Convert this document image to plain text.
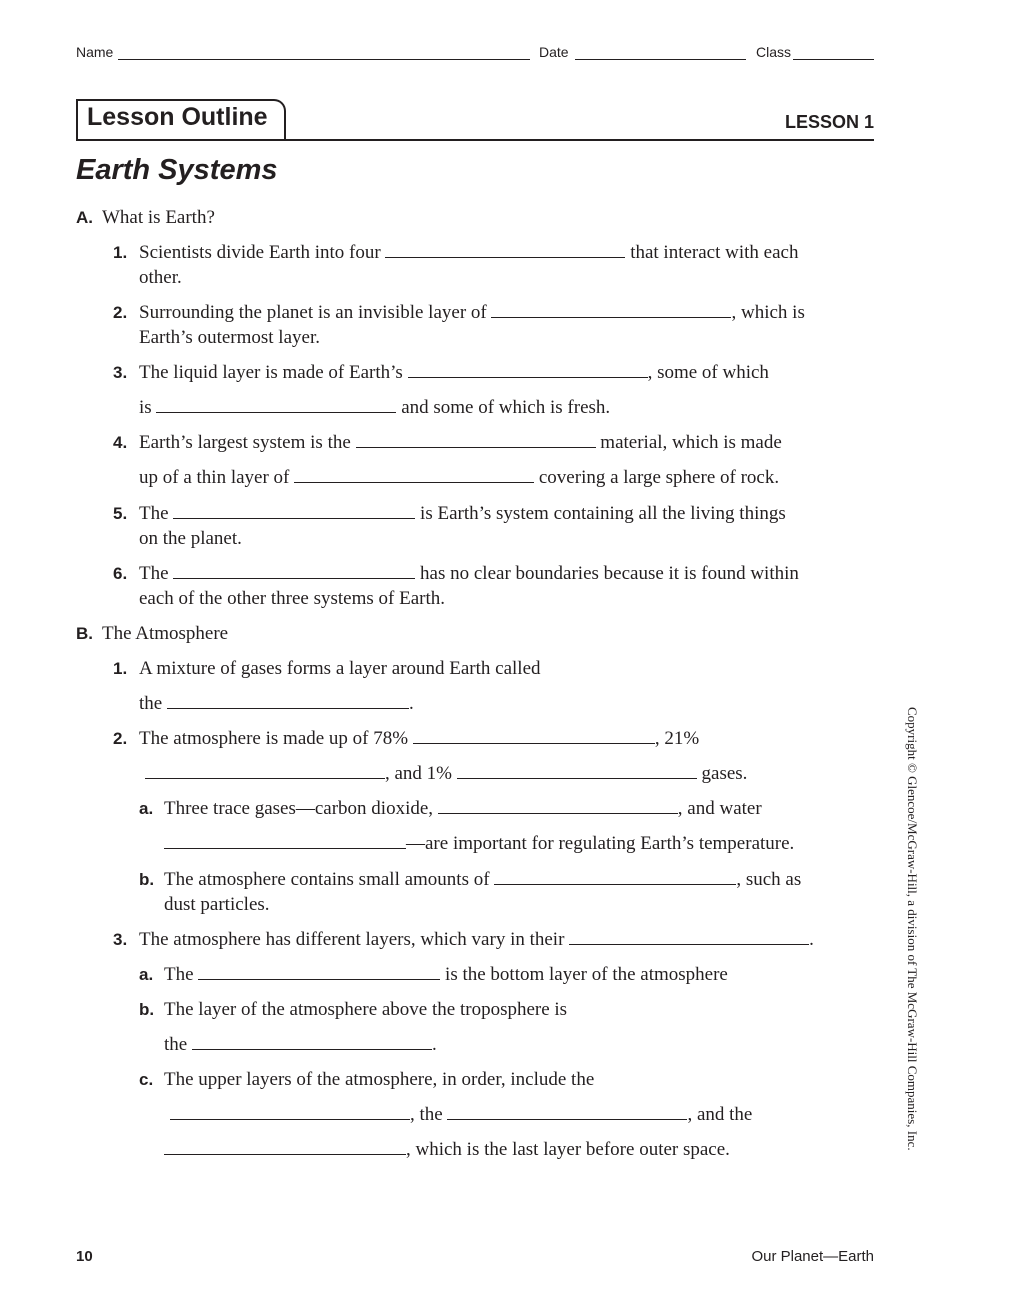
Name	Date	Class
Lesson Outline	LESSON 1
Earth Systems
A. What is Earth?
1. Scientists divide Earth into four	that interact with each
other.
2. Surrounding the planet is an invisible layer of	, which is
Earth’s outermost layer.
3. The liquid layer is made of Earth’s	, some of which
is	and some of which is fresh.
4. Earth’s largest system is the	material, which is made
up of a thin layer of	covering a large sphere of rock.
5. The	is Earth’s system containing all the living things
on the planet.
6. The	has no clear boundaries because it is found within
each of the other three systems of Earth.
B. The Atmosphere
1. A mixture of gases forms a layer around Earth called
the	.
2. The atmosphere is made up of 78%	, 21%
, and 1%	gases.
a. Three trace gases—carbon dioxide,	, and water
—are important for regulating Earth’s temperature.
b. The atmosphere contains small amounts of	, such as
dust particles.
3. The atmosphere has different layers, which vary in their	.
a. The	is the bottom layer of the atmosphere
b. The layer of the atmosphere above the troposphere is
the	.
c. The upper layers of the atmosphere, in order, include the
, the	, and the
, which is the last layer before outer space.	Copyright © Glencoe/McGraw-Hill, a division of The McGraw-Hill Companies, Inc.
10	Our Planet—Earth
